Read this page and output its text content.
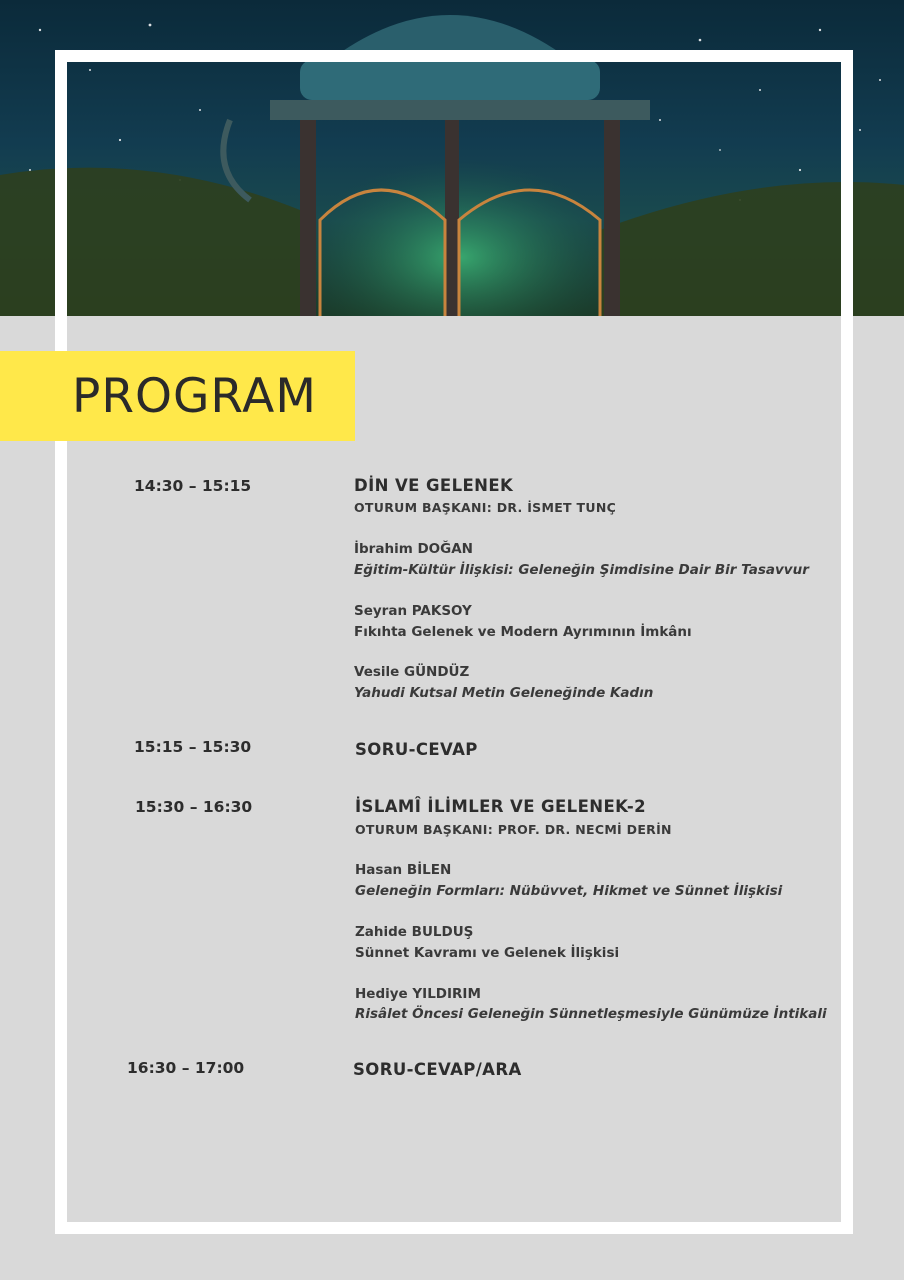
PROGRAM
14:30 – 15:15	DİN VE GELENEK
OTURUM BAŞKANI: DR. İSMET TUNÇ
İbrahim DOĞAN
Eğitim-Kültür İlişkisi: Geleneğin Şimdisine Dair Bir Tasavvur
Seyran PAKSOY
Fıkıhta Gelenek ve Modern Ayrımının İmkânı
Vesile GÜNDÜZ
Yahudi Kutsal Metin Geleneğinde Kadın
15:15 – 15:30	SORU-CEVAP
15:30 – 16:30	İSLAMÎ İLİMLER VE GELENEK-2
OTURUM BAŞKANI: PROF. DR. NECMİ DERİN
Hasan BİLEN
Geleneğin Formları: Nübüvvet, Hikmet ve Sünnet İlişkisi
Zahide BULDUŞ
Sünnet Kavramı ve Gelenek İlişkisi
Hediye YILDIRIM
Risâlet Öncesi Geleneğin Sünnetleşmesiyle Günümüze İntikali
16:30 – 17:00	SORU-CEVAP/ARA
